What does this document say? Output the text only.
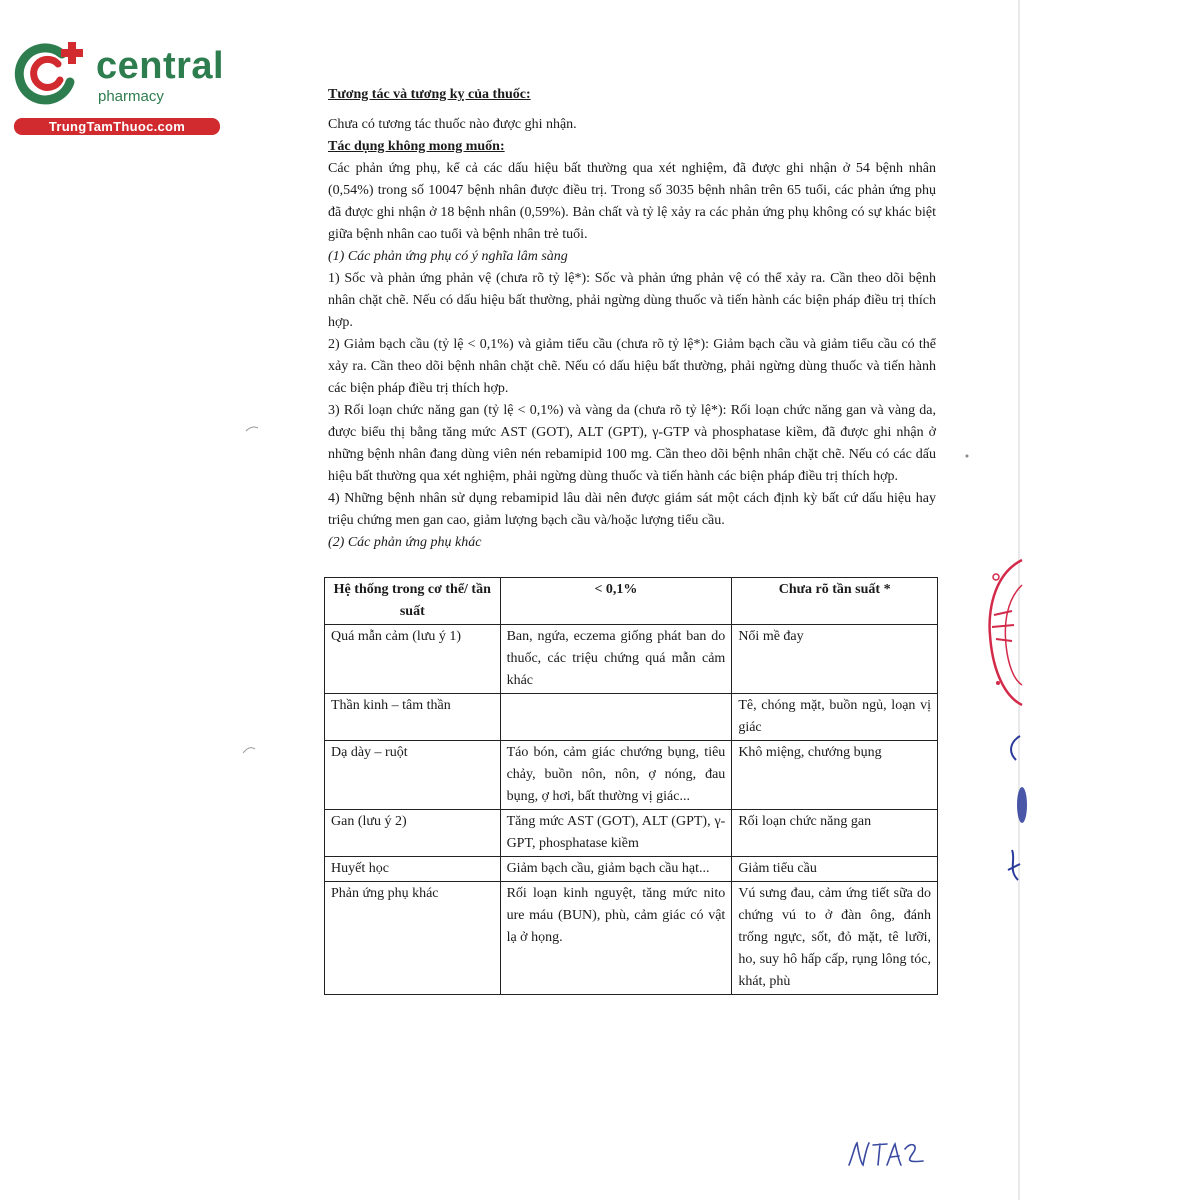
central
pharmacy
TrungTamThuoc.com

Tương tác và tương kỵ của thuốc:

Chưa có tương tác thuốc nào được ghi nhận.

Tác dụng không mong muốn:

Các phản ứng phụ, kể cả các dấu hiệu bất thường qua xét nghiệm, đã được ghi nhận ở 54 bệnh nhân (0,54%) trong số 10047 bệnh nhân được điều trị. Trong số 3035 bệnh nhân trên 65 tuổi, các phản ứng phụ đã được ghi nhận ở 18 bệnh nhân (0,59%). Bản chất và tỷ lệ xảy ra các phản ứng phụ không có sự khác biệt giữa bệnh nhân cao tuổi và bệnh nhân trẻ tuổi.

(1) Các phản ứng phụ có ý nghĩa lâm sàng

1) Sốc và phản ứng phản vệ (chưa rõ tỷ lệ*): Sốc và phản ứng phản vệ có thể xảy ra. Cần theo dõi bệnh nhân chặt chẽ. Nếu có dấu hiệu bất thường, phải ngừng dùng thuốc và tiến hành các biện pháp điều trị thích hợp.

2) Giảm bạch cầu (tỷ lệ < 0,1%) và giảm tiểu cầu (chưa rõ tỷ lệ*): Giảm bạch cầu và giảm tiểu cầu có thể xảy ra. Cần theo dõi bệnh nhân chặt chẽ. Nếu có dấu hiệu bất thường, phải ngừng dùng thuốc và tiến hành các biện pháp điều trị thích hợp.

3) Rối loạn chức năng gan (tỷ lệ < 0,1%) và vàng da (chưa rõ tỷ lệ*): Rối loạn chức năng gan và vàng da, được biểu thị bằng tăng mức AST (GOT), ALT (GPT), γ-GTP và phosphatase kiềm, đã được ghi nhận ở những bệnh nhân đang dùng viên nén rebamipid 100 mg. Cần theo dõi bệnh nhân chặt chẽ. Nếu có các dấu hiệu bất thường qua xét nghiệm, phải ngừng dùng thuốc và tiến hành các biện pháp điều trị thích hợp.

4) Những bệnh nhân sử dụng rebamipid lâu dài nên được giám sát một cách định kỳ bất cứ dấu hiệu hay triệu chứng men gan cao, giảm lượng bạch cầu và/hoặc lượng tiểu cầu.

(2) Các phản ứng phụ khác

Hệ thống trong cơ thể/ tần suất	< 0,1%	Chưa rõ tần suất *
Quá mẫn cảm (lưu ý 1)	Ban, ngứa, eczema giống phát ban do thuốc, các triệu chứng quá mẫn cảm khác	Nổi mề đay
Thần kinh – tâm thần		Tê, chóng mặt, buồn ngủ, loạn vị giác
Dạ dày – ruột	Táo bón, cảm giác chướng bụng, tiêu chảy, buồn nôn, nôn, ợ nóng, đau bụng, ợ hơi, bất thường vị giác...	Khô miệng, chướng bụng
Gan (lưu ý 2)	Tăng mức AST (GOT), ALT (GPT), γ-GPT, phosphatase kiềm	Rối loạn chức năng gan
Huyết học	Giảm bạch cầu, giảm bạch cầu hạt...	Giảm tiểu cầu
Phản ứng phụ khác	Rối loạn kinh nguyệt, tăng mức nito ure máu (BUN), phù, cảm giác có vật lạ ở họng.	Vú sưng đau, cảm ứng tiết sữa do chứng vú to ở đàn ông, đánh trống ngực, sốt, đỏ mặt, tê lưỡi, ho, suy hô hấp cấp, rụng lông tóc, khát, phù
